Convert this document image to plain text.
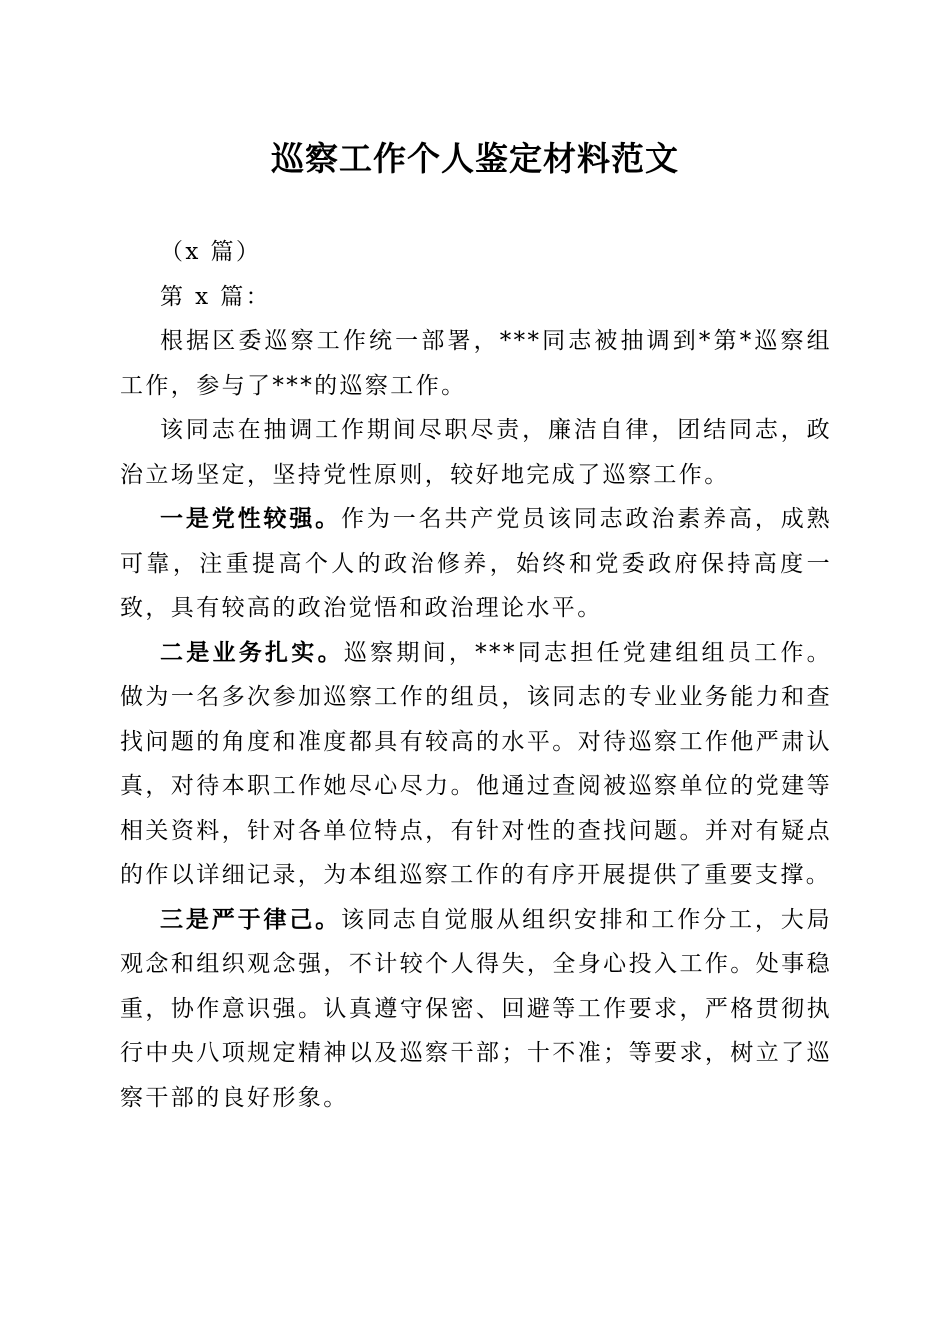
巡察工作个人鉴定材料范文

（x 篇）

第 x 篇：

根据区委巡察工作统一部署，***同志被抽调到*第*巡察组工作，参与了***的巡察工作。

该同志在抽调工作期间尽职尽责，廉洁自律，团结同志，政治立场坚定，坚持党性原则，较好地完成了巡察工作。

一是党性较强。作为一名共产党员该同志政治素养高，成熟可靠，注重提高个人的政治修养，始终和党委政府保持高度一致，具有较高的政治觉悟和政治理论水平。

二是业务扎实。巡察期间，***同志担任党建组组员工作。做为一名多次参加巡察工作的组员，该同志的专业业务能力和查找问题的角度和准度都具有较高的水平。对待巡察工作他严肃认真，对待本职工作她尽心尽力。他通过查阅被巡察单位的党建等相关资料，针对各单位特点，有针对性的查找问题。并对有疑点的作以详细记录，为本组巡察工作的有序开展提供了重要支撑。

三是严于律己。该同志自觉服从组织安排和工作分工，大局观念和组织观念强，不计较个人得失，全身心投入工作。处事稳重，协作意识强。认真遵守保密、回避等工作要求，严格贯彻执行中央八项规定精神以及巡察干部；十不准；等要求，树立了巡察干部的良好形象。
